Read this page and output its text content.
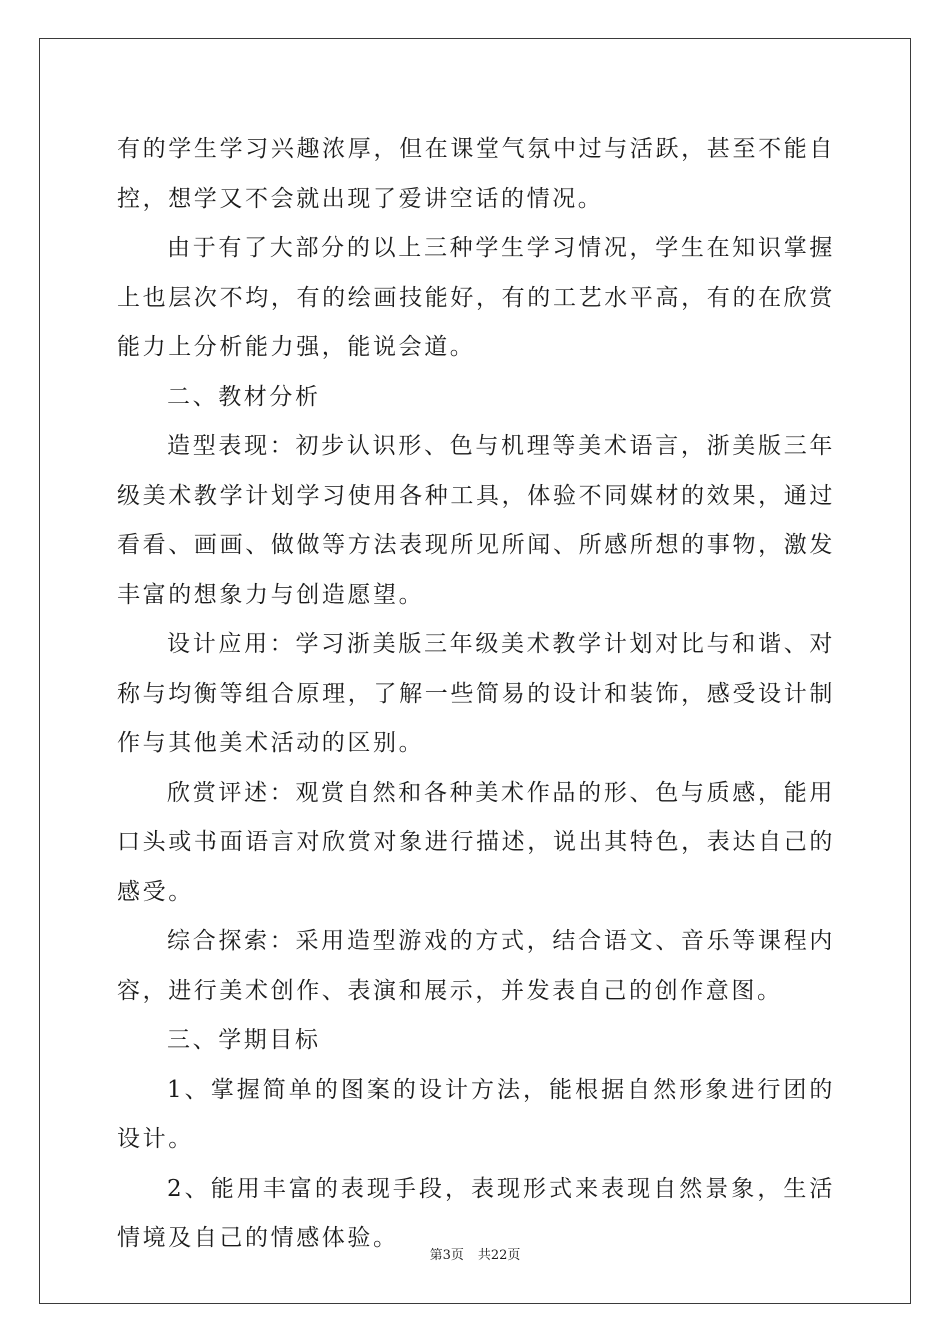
有的学生学习兴趣浓厚，但在课堂气氛中过与活跃，甚至不能自控，想学又不会就出现了爱讲空话的情况。

由于有了大部分的以上三种学生学习情况，学生在知识掌握上也层次不均，有的绘画技能好，有的工艺水平高，有的在欣赏能力上分析能力强，能说会道。

二、教材分析

造型表现：初步认识形、色与机理等美术语言，浙美版三年级美术教学计划学习使用各种工具，体验不同媒材的效果，通过看看、画画、做做等方法表现所见所闻、所感所想的事物，激发丰富的想象力与创造愿望。

设计应用：学习浙美版三年级美术教学计划对比与和谐、对称与均衡等组合原理，了解一些简易的设计和装饰，感受设计制作与其他美术活动的区别。

欣赏评述：观赏自然和各种美术作品的形、色与质感，能用口头或书面语言对欣赏对象进行描述，说出其特色，表达自己的感受。

综合探索：采用造型游戏的方式，结合语文、音乐等课程内容，进行美术创作、表演和展示，并发表自己的创作意图。

三、学期目标

1、掌握简单的图案的设计方法，能根据自然形象进行团的设计。

2、能用丰富的表现手段，表现形式来表现自然景象，生活情境及自己的情感体验。

第3页 共22页
